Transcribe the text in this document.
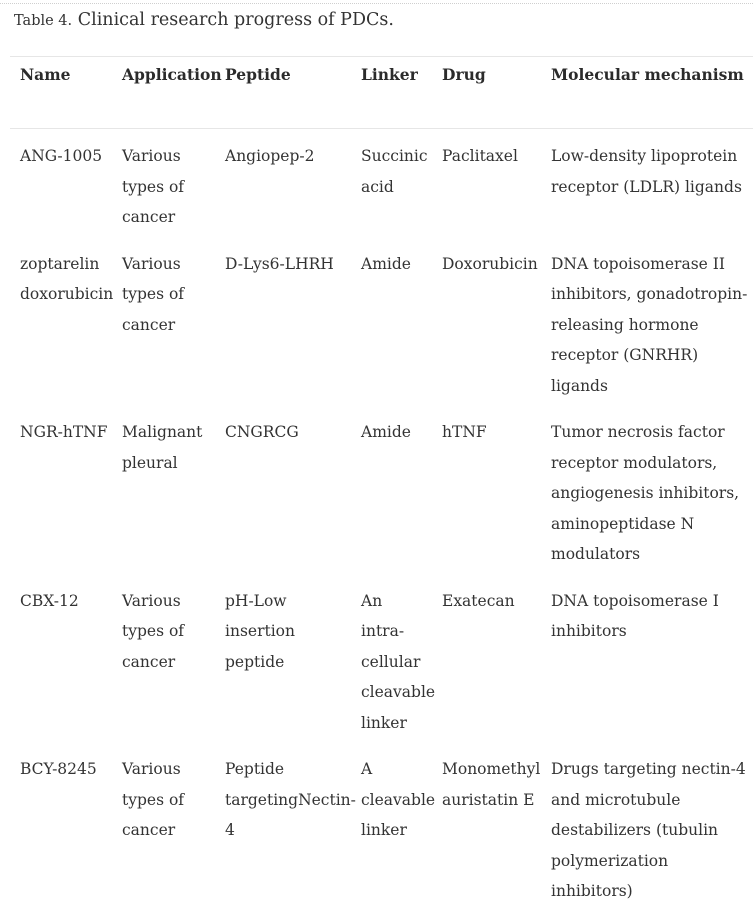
Table 4. Clinical research progress of PDCs.
Name	Application	Peptide	Linker	Drug	Molecular mechanism
ANG-1005	Various types of cancer	Angiopep-2	Succinic acid	Paclitaxel	Low-density lipoprotein receptor (LDLR) ligands
zoptarelin doxorubicin	Various types of cancer	D-Lys6-LHRH	Amide	Doxorubicin	DNA topoisomerase II inhibitors, gonadotropin-releasing hormone receptor (GNRHR) ligands
NGR-hTNF	Malignant pleural	CNGRCG	Amide	hTNF	Tumor necrosis factor receptor modulators, angiogenesis inhibitors, aminopeptidase N modulators
CBX-12	Various types of cancer	pH-Low insertion peptide	An intra-cellular cleavable linker	Exatecan	DNA topoisomerase I inhibitors
BCY-8245	Various types of cancer	Peptide targetingNectin-4	A cleavable linker	Monomethyl auristatin E	Drugs targeting nectin-4 and microtubule destabilizers (tubulin polymerization inhibitors)
